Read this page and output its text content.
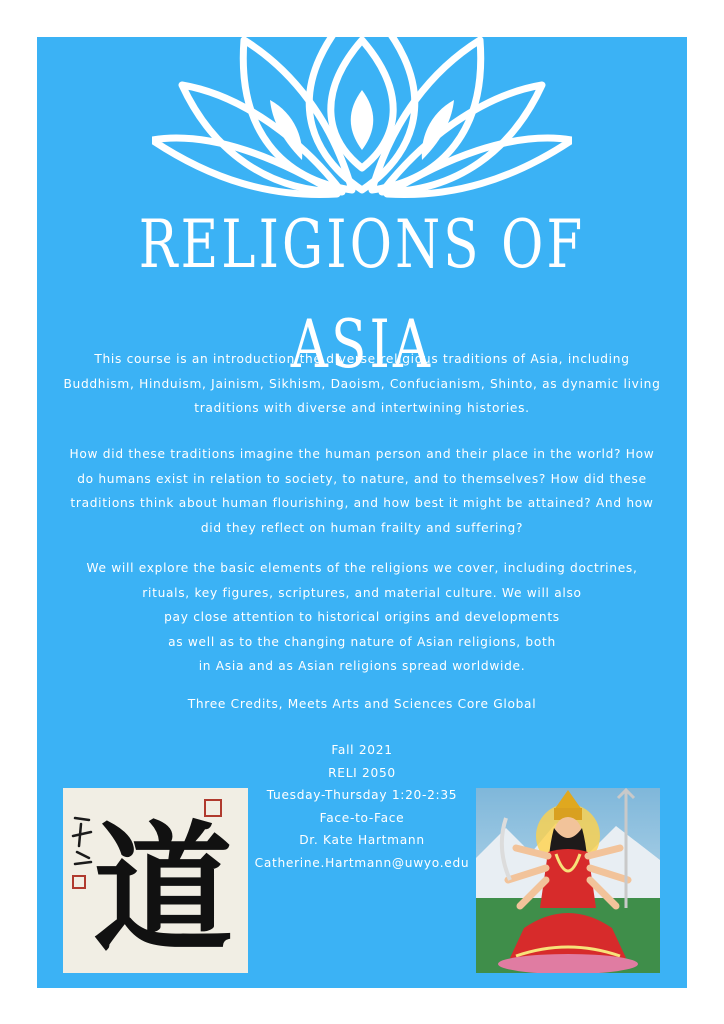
RELIGIONS OF ASIA

This course is an introduction the diverse religious traditions of Asia, including Buddhism, Hinduism, Jainism, Sikhism, Daoism, Confucianism, Shinto, as dynamic living traditions with diverse and intertwining histories.

How did these traditions imagine the human person and their place in the world? How do humans exist in relation to society, to nature, and to themselves? How did these traditions think about human flourishing, and how best it might be attained? And how did they reflect on human frailty and suffering?

We will explore the basic elements of the religions we cover, including doctrines,
rituals, key figures, scriptures, and material culture. We will also
pay close attention to historical origins and developments
as well as to the changing nature of Asian religions, both
in Asia and as Asian religions spread worldwide.

Three Credits, Meets Arts and Sciences Core Global

Fall 2021
RELI 2050
Tuesday-Thursday 1:20-2:35
Face-to-Face
Dr. Kate Hartmann
Catherine.Hartmann@uwyo.edu
道
